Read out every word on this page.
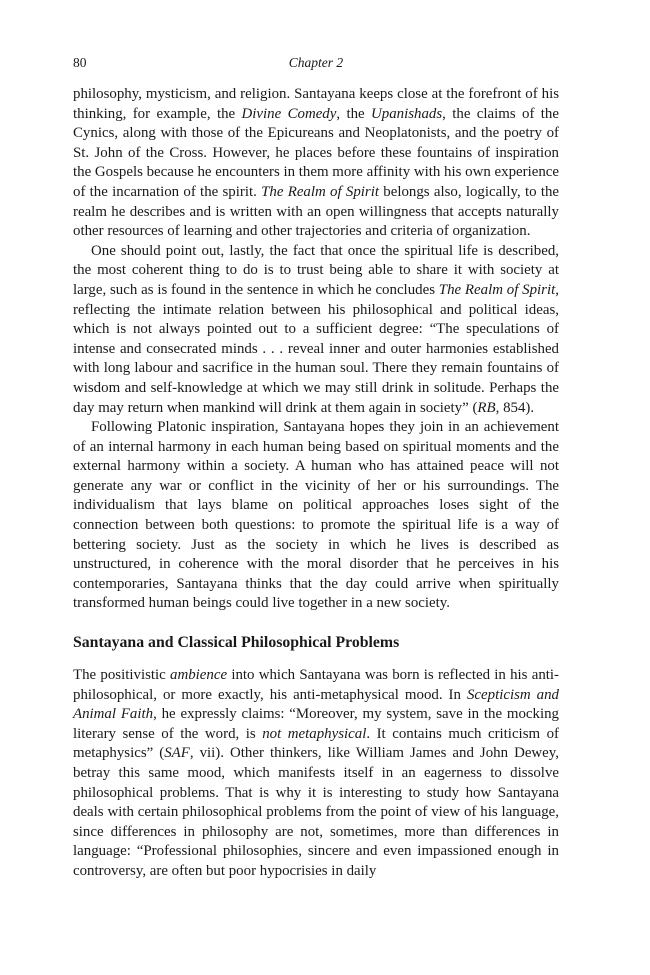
80	Chapter 2

philosophy, mysticism, and religion. Santayana keeps close at the forefront of his thinking, for example, the Divine Comedy, the Upanishads, the claims of the Cynics, along with those of the Epicureans and Neoplatonists, and the poetry of St. John of the Cross. However, he places before these fountains of inspiration the Gospels because he encounters in them more affinity with his own experience of the incarnation of the spirit. The Realm of Spirit belongs also, logically, to the realm he describes and is written with an open willingness that accepts naturally other resources of learning and other trajectories and criteria of organization.

One should point out, lastly, the fact that once the spiritual life is described, the most coherent thing to do is to trust being able to share it with society at large, such as is found in the sentence in which he concludes The Realm of Spirit, reflecting the intimate relation between his philosophical and political ideas, which is not always pointed out to a sufficient degree: “The speculations of intense and consecrated minds . . . reveal inner and outer harmonies established with long labour and sacrifice in the human soul. There they remain fountains of wisdom and self-knowledge at which we may still drink in solitude. Perhaps the day may return when mankind will drink at them again in society” (RB, 854).

Following Platonic inspiration, Santayana hopes they join in an achievement of an internal harmony in each human being based on spiritual moments and the external harmony within a society. A human who has attained peace will not generate any war or conflict in the vicinity of her or his surroundings. The individualism that lays blame on political approaches loses sight of the connection between both questions: to promote the spiritual life is a way of bettering society. Just as the society in which he lives is described as unstructured, in coherence with the moral disorder that he perceives in his contemporaries, Santayana thinks that the day could arrive when spiritually transformed human beings could live together in a new society.

Santayana and Classical Philosophical Problems

The positivistic ambience into which Santayana was born is reflected in his anti-philosophical, or more exactly, his anti-metaphysical mood. In Scepticism and Animal Faith, he expressly claims: “Moreover, my system, save in the mocking literary sense of the word, is not metaphysical. It contains much criticism of metaphysics” (SAF, vii). Other thinkers, like William James and John Dewey, betray this same mood, which manifests itself in an eagerness to dissolve philosophical problems. That is why it is interesting to study how Santayana deals with certain philosophical problems from the point of view of his language, since differences in philosophy are not, sometimes, more than differences in language: “Professional philosophies, sincere and even impassioned enough in controversy, are often but poor hypocrisies in daily
